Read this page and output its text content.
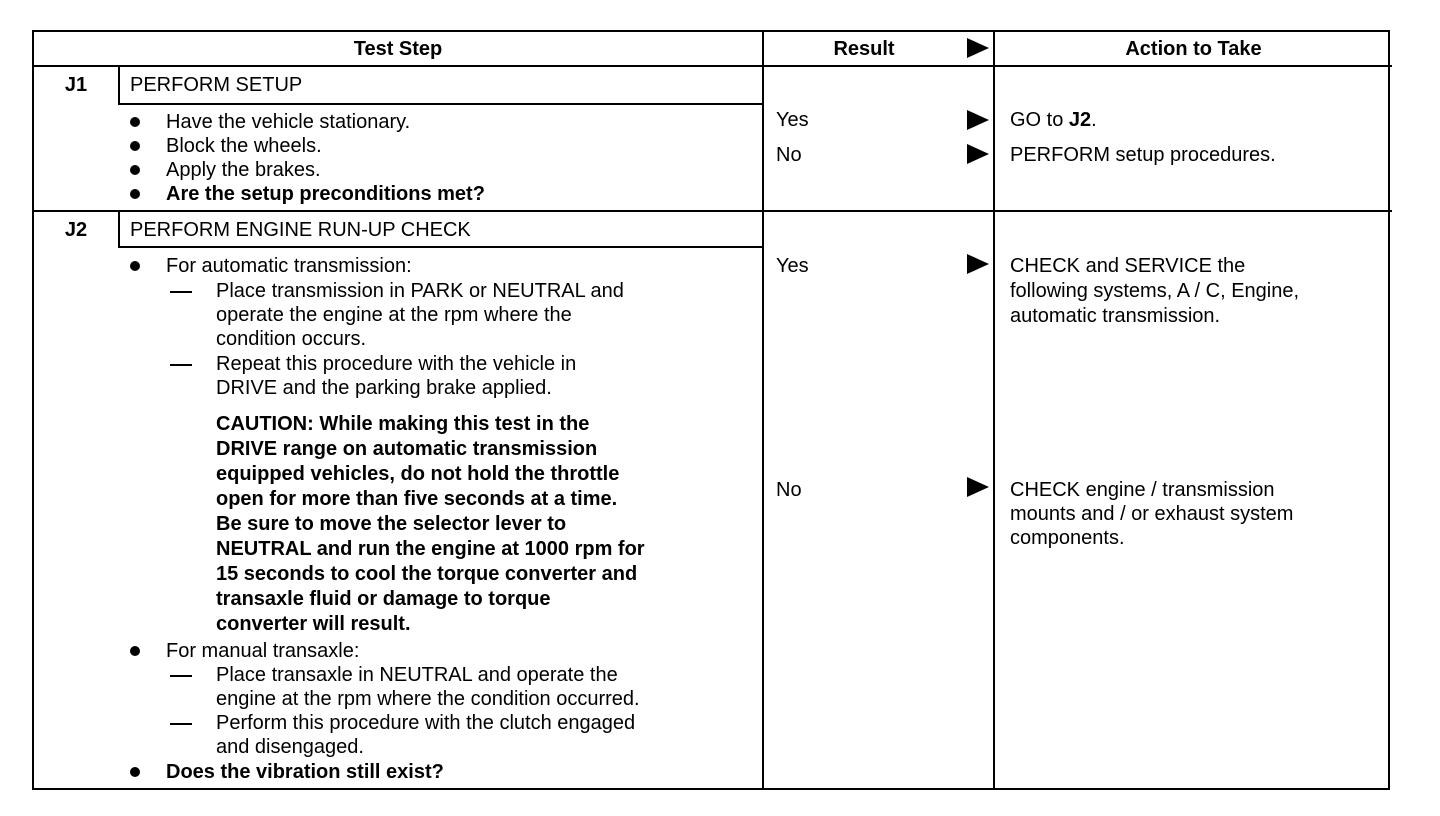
Test Step	Result	Action to Take
J1	PERFORM SETUP
Have the vehicle stationary.
Block the wheels.
Apply the brakes.
Are the setup preconditions met?
Yes	GO to J2.
No	PERFORM setup procedures.
J2	PERFORM ENGINE RUN-UP CHECK
For automatic transmission:
Place transmission in PARK or NEUTRAL and
operate the engine at the rpm where the
condition occurs.
Repeat this procedure with the vehicle in
DRIVE and the parking brake applied.
CAUTION: While making this test in the
DRIVE range on automatic transmission
equipped vehicles, do not hold the throttle
open for more than five seconds at a time.
Be sure to move the selector lever to
NEUTRAL and run the engine at 1000 rpm for
15 seconds to cool the torque converter and
transaxle fluid or damage to torque
converter will result.
For manual transaxle:
Place transaxle in NEUTRAL and operate the
engine at the rpm where the condition occurred.
Perform this procedure with the clutch engaged
and disengaged.
Does the vibration still exist?
Yes	CHECK and SERVICE the
following systems, A / C, Engine,
automatic transmission.
No	CHECK engine / transmission
mounts and / or exhaust system
components.
